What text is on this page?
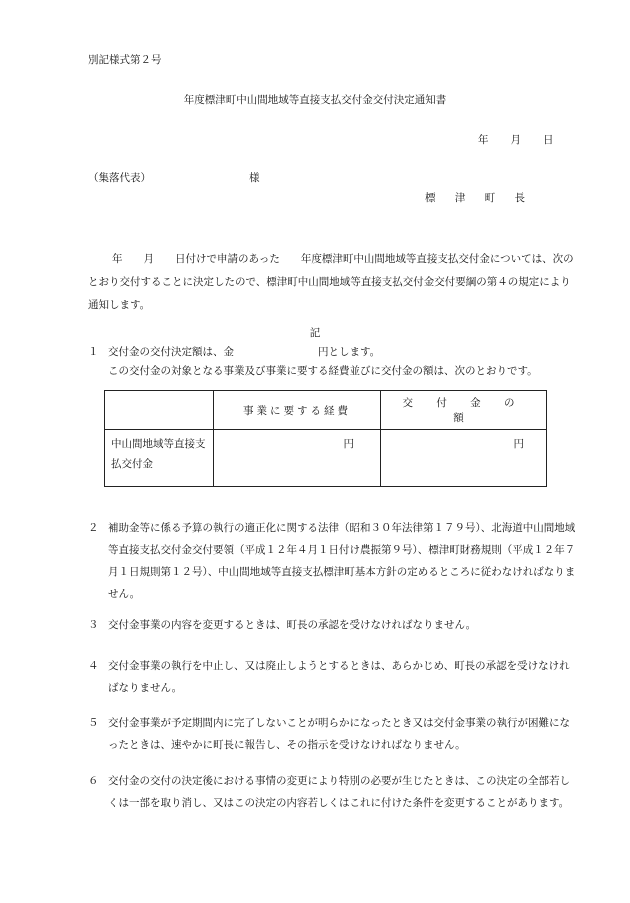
別記様式第２号
年度標津町中山間地域等直接支払交付金交付決定通知書
年 月 日
（集落代表）	様
標 津 町 長
年　　月　　日付けで申請のあった　　年度標津町中山間地域等直接支払交付金については、次のとおり交付することに決定したので、標津町中山間地域等直接支払交付金交付要綱の第４の規定により通知します。
記
１ 交付金の交付決定額は、金　　　　　　　　円とします。
この交付金の対象となる事業及び事業に要する経費並びに交付金の額は、次のとおりです。
	事業に要する経費	交 付 金 の 額
中山間地域等直接支払交付金	円	円
２ 補助金等に係る予算の執行の適正化に関する法律（昭和３０年法律第１７９号）、北海道中山間地域等直接支払交付金交付要領（平成１２年４月１日付け農振第９号）、標津町財務規則（平成１２年７月１日規則第１２号）、中山間地域等直接支払標津町基本方針の定めるところに従わなければなりません。
３ 交付金事業の内容を変更するときは、町長の承認を受けなければなりません。
４ 交付金事業の執行を中止し、又は廃止しようとするときは、あらかじめ、町長の承認を受けなければなりません。
５ 交付金事業が予定期間内に完了しないことが明らかになったとき又は交付金事業の執行が困難になったときは、速やかに町長に報告し、その指示を受けなければなりません。
６ 交付金の交付の決定後における事情の変更により特別の必要が生じたときは、この決定の全部若しくは一部を取り消し、又はこの決定の内容若しくはこれに付けた条件を変更することがあります。
